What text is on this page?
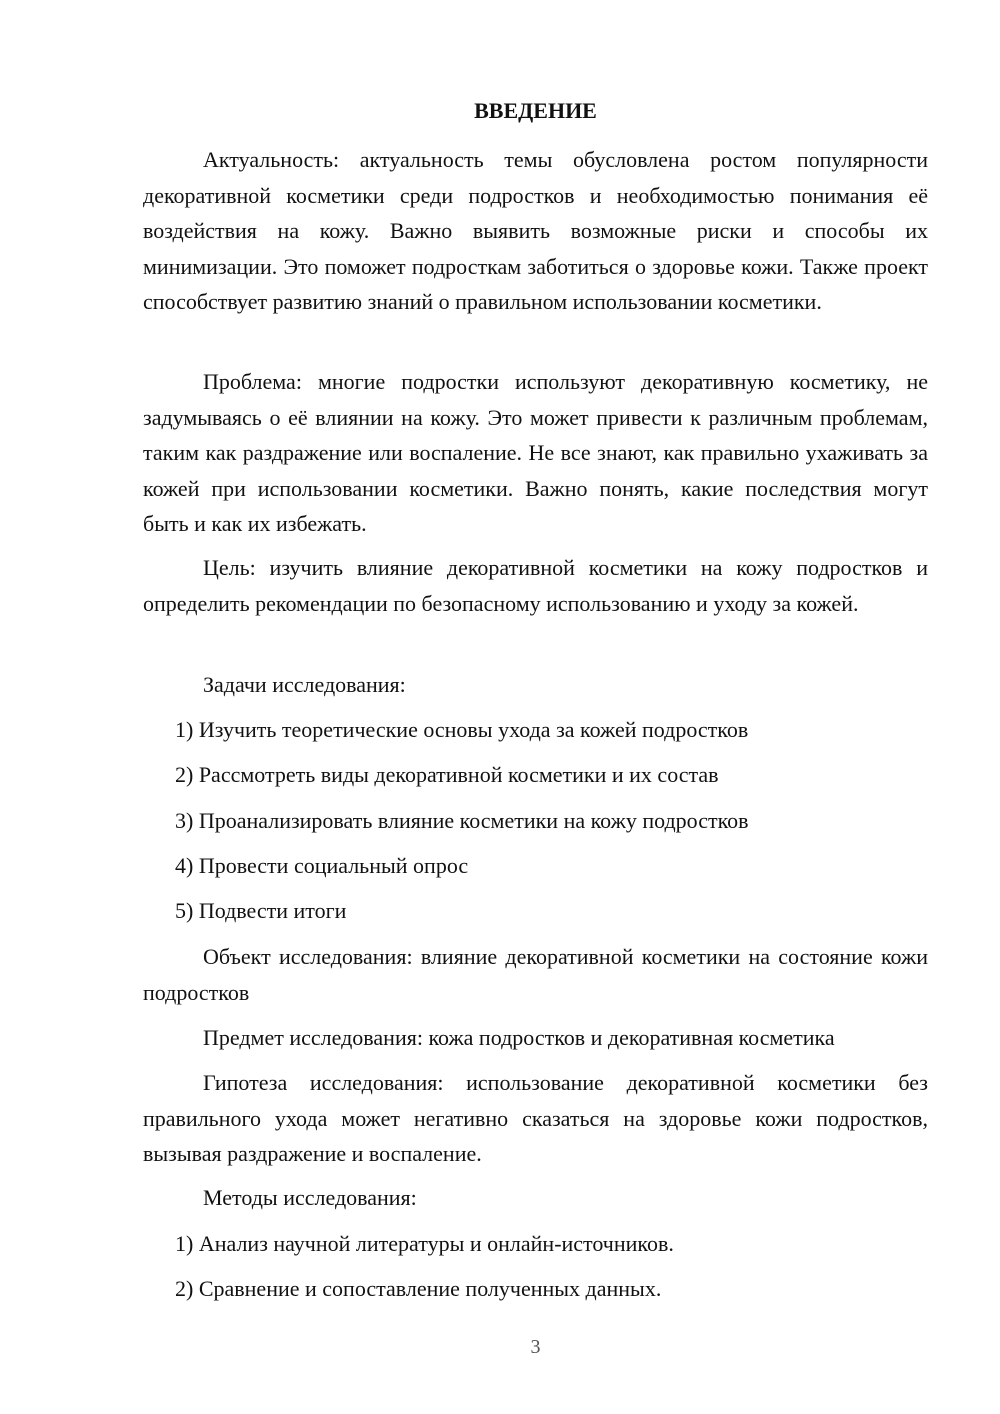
ВВЕДЕНИЕ

Актуальность: актуальность темы обусловлена ростом популярности декоративной косметики среди подростков и необходимостью понимания её воздействия на кожу. Важно выявить возможные риски и способы их минимизации. Это поможет подросткам заботиться о здоровье кожи. Также проект способствует развитию знаний о правильном использовании косметики.

Проблема: многие подростки используют декоративную косметику, не задумываясь о её влиянии на кожу. Это может привести к различным проблемам, таким как раздражение или воспаление. Не все знают, как правильно ухаживать за кожей при использовании косметики. Важно понять, какие последствия могут быть и как их избежать.

Цель: изучить влияние декоративной косметики на кожу подростков и определить рекомендации по безопасному использованию и уходу за кожей.

Задачи исследования:
1) Изучить теоретические основы ухода за кожей подростков
2) Рассмотреть виды декоративной косметики и их состав
3) Проанализировать влияние косметики на кожу подростков
4) Провести социальный опрос
5) Подвести итоги

Объект исследования: влияние декоративной косметики на состояние кожи подростков

Предмет исследования: кожа подростков и декоративная косметика

Гипотеза исследования: использование декоративной косметики без правильного ухода может негативно сказаться на здоровье кожи подростков, вызывая раздражение и воспаление.

Методы исследования:
1) Анализ научной литературы и онлайн-источников.
2) Сравнение и сопоставление полученных данных.
3
